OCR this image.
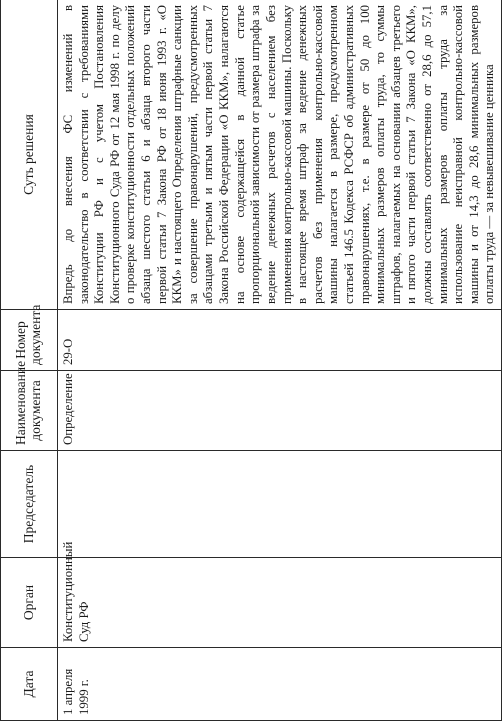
Дата	Орган	Председатель	Наименование документа	Номер документа	Суть решения
1 апреля 1999 г.	Конституционный Суд РФ		Определение	29-О	Впредь до внесения ФС изменений в законодательство в соответствии с требованиями Конституции РФ и с учетом Постановления Конституционного Суда РФ от 12 мая 1998 г. по делу о проверке конституционности отдельных положений абзаца шестого статьи 6 и абзаца второго части первой статьи 7 Закона РФ от 18 июня 1993 г. «О ККМ» и настоящего Определения штрафные санкции за совершение правонарушений, предусмотренных абзацами третьим и пятым части первой статьи 7 Закона Российской Федерации «О ККМ», налагаются на основе содержащейся в данной статье пропорциональной зависимости от размера штрафа за ведение денежных расчетов с населением без применения контрольно-кассовой машины. Поскольку в настоящее время штраф за ведение денежных расчетов без применения контрольно-кассовой машины налагается в размере, предусмотренном статьей 146.5 Кодекса РСФСР об административных правонарушениях, т.е. в размере от 50 до 100 минимальных размеров оплаты труда, то суммы штрафов, налагаемых на основании абзацев третьего и пятого части первой статьи 7 Закона «О ККМ», должны составлять соответственно от 28,6 до 57,1 минимальных размеров оплаты труда за использование неисправной контрольно-кассовой машины и от 14,3 до 28,6 минимальных размеров оплаты труда — за невывешивание ценника
